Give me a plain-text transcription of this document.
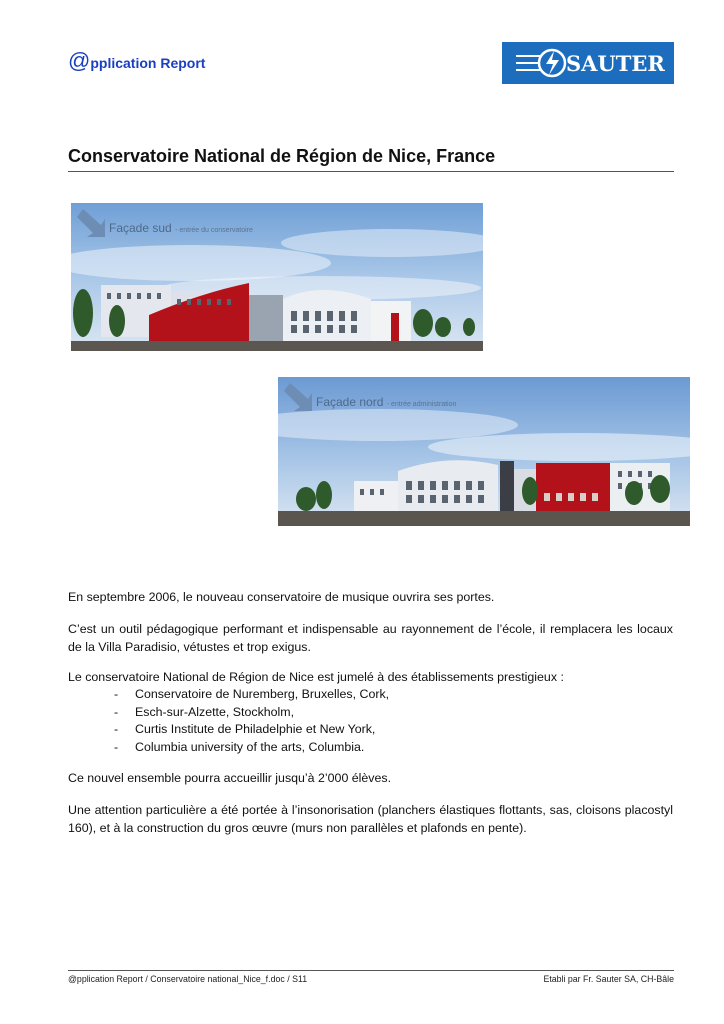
@pplication Report	SAUTER
Conservatoire National de Région de Nice, France
Façade sud - entrée du conservatoire
Façade nord - entrée administration
En septembre 2006, le nouveau conservatoire de musique ouvrira ses portes.
C’est un outil pédagogique performant et indispensable au rayonnement de l’école, il remplacera les locaux de la Villa Paradisio, vétustes et trop exigus.
Le conservatoire National de Région de Nice est jumelé à des établissements prestigieux :
- Conservatoire de Nuremberg, Bruxelles, Cork,
- Esch-sur-Alzette, Stockholm,
- Curtis Institute de Philadelphie et New York,
- Columbia university of the arts, Columbia.
Ce nouvel ensemble pourra accueillir jusqu’à 2’000 élèves.
Une attention particulière a été portée à l’insonorisation (planchers élastiques flottants, sas, cloisons placostyl 160), et à la construction du gros œuvre (murs non parallèles et plafonds en pente).
@pplication Report / Conservatoire national_Nice_f.doc / S11	Etabli par Fr. Sauter SA, CH-Bâle
